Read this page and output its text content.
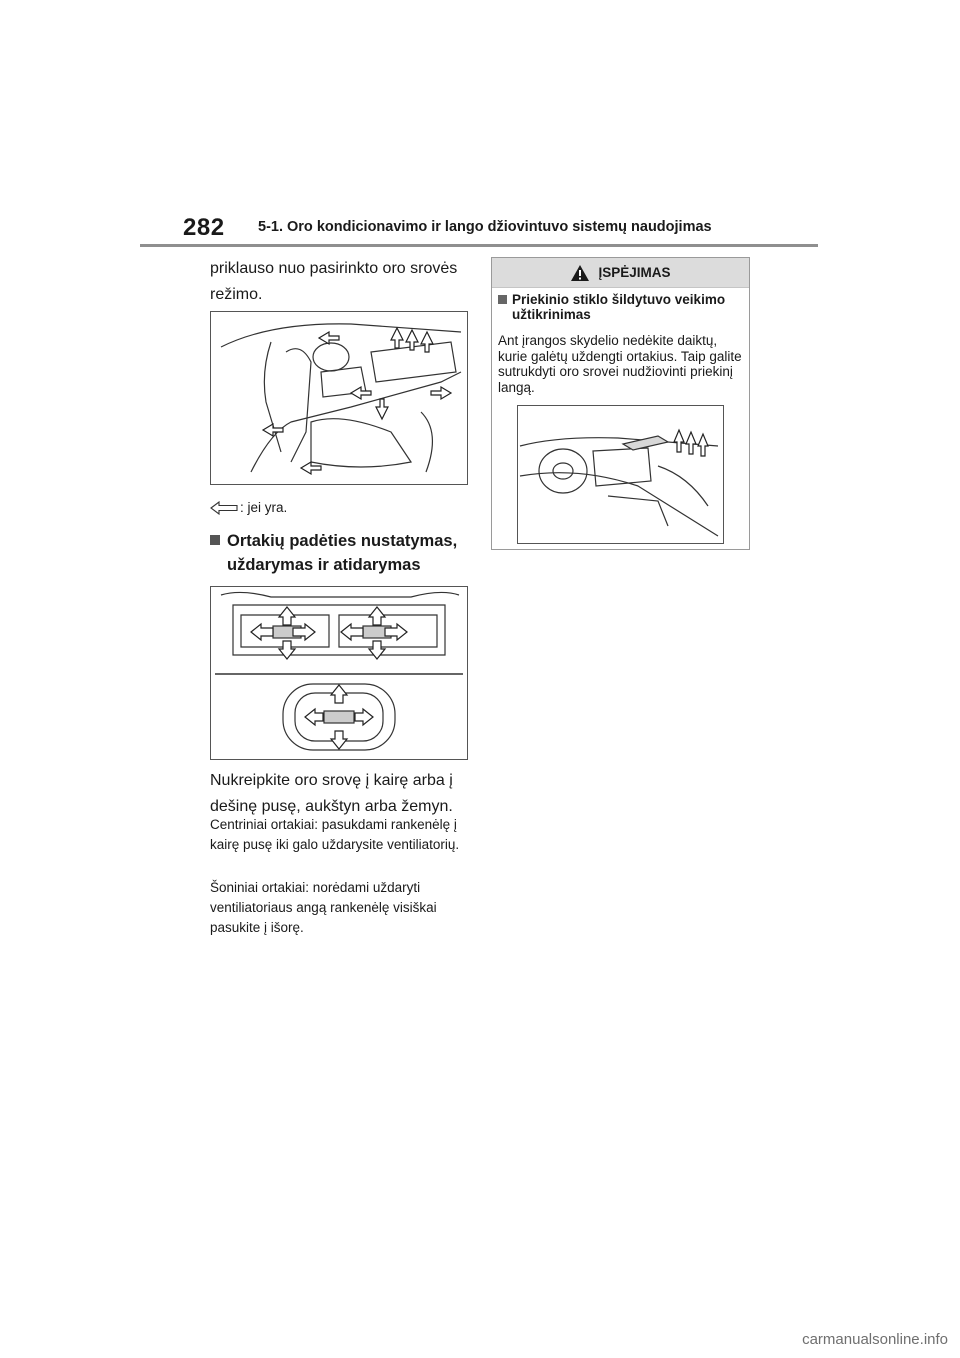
282 5-1. Oro kondicionavimo ir lango džiovintuvo sistemų naudojimas
priklauso nuo pasirinkto oro srovės režimo.
: jei yra.
Ortakių padėties nustatymas, uždarymas ir atidarymas
Nukreipkite oro srovę į kairę arba į dešinę pusę, aukštyn arba žemyn.
Centriniai ortakiai: pasukdami rankenėlę į kairę pusę iki galo uždarysite ventiliatorių.
Šoniniai ortakiai: norėdami uždaryti ventiliatoriaus angą rankenėlę visiškai pasukite į išorę.
ĮSPĖJIMAS
Priekinio stiklo šildytuvo veikimo užtikrinimas
Ant įrangos skydelio nedėkite daiktų, kurie galėtų uždengti ortakius. Taip galite sutrukdyti oro srovei nudžiovinti priekinį langą.
carmanualsonline.info
